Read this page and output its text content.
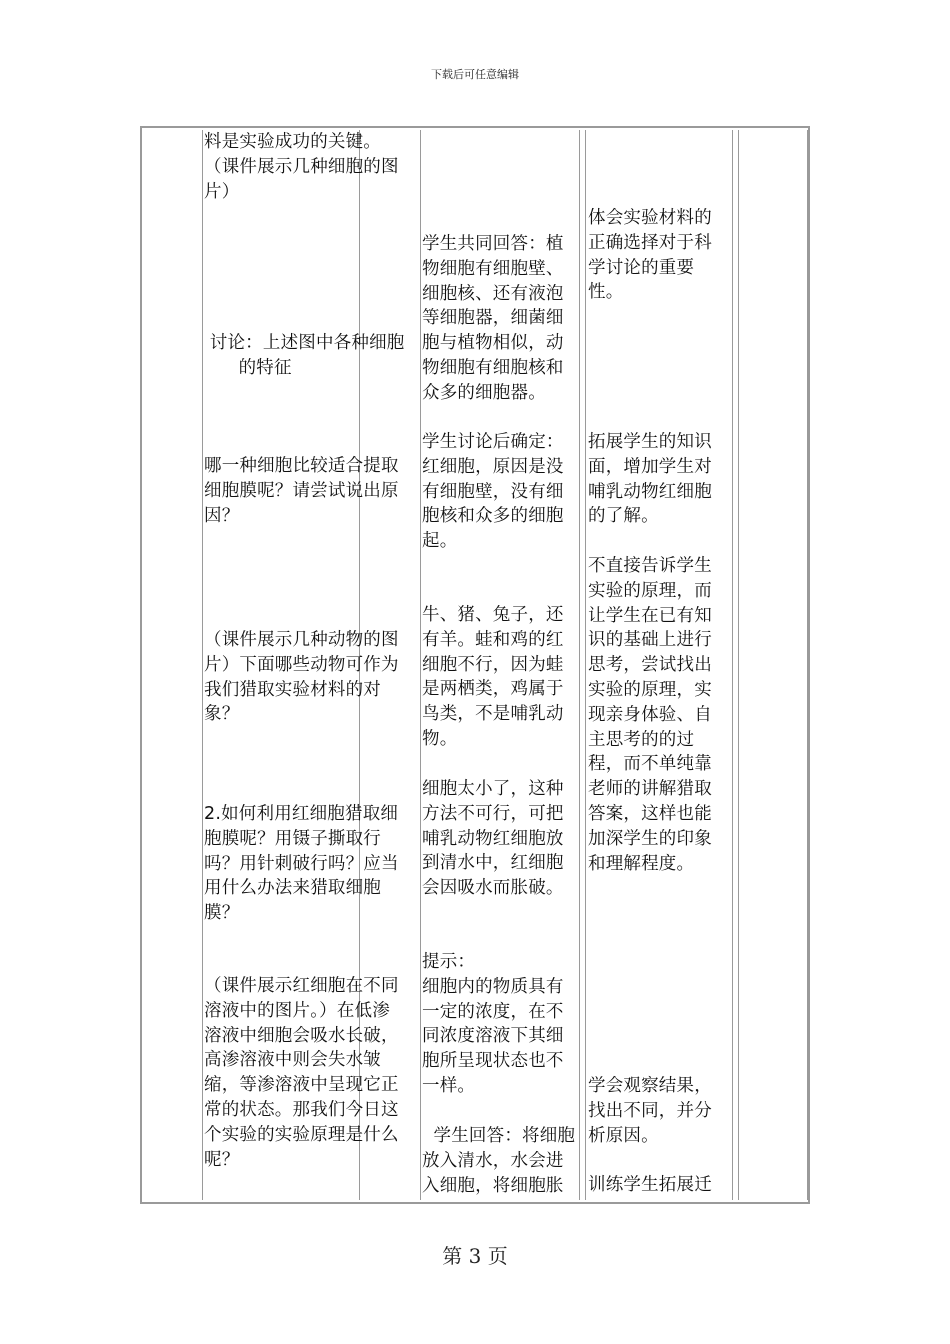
下载后可任意编辑
料是实验成功的关键。
（课件展示几种细胞的图
片）
讨论：上述图中各种细胞
的特征
哪一种细胞比较适合提取
细胞膜呢？请尝试说出原
因？
（课件展示几种动物的图
片）下面哪些动物可作为
我们猎取实验材料的对
象？
2.如何利用红细胞猎取细
胞膜呢？用镊子撕取行
吗？用针刺破行吗？应当
用什么办法来猎取细胞
膜？
（课件展示红细胞在不同
溶液中的图片。）在低渗
溶液中细胞会吸水长破，
高渗溶液中则会失水皱
缩，等渗溶液中呈现它正
常的状态。那我们今日这
个实验的实验原理是什么
呢？
学生共同回答：植
物细胞有细胞壁、
细胞核、还有液泡
等细胞器，细菌细
胞与植物相似，动
物细胞有细胞核和
众多的细胞器。
学生讨论后确定：
红细胞，原因是没
有细胞壁，没有细
胞核和众多的细胞
起。
牛、猪、兔子，还
有羊。蛙和鸡的红
细胞不行，因为蛙
是两栖类，鸡属于
鸟类，不是哺乳动
物。
细胞太小了，这种
方法不可行，可把
哺乳动物红细胞放
到清水中，红细胞
会因吸水而胀破。
提示：
细胞内的物质具有
一定的浓度，在不
同浓度溶液下其细
胞所呈现状态也不
一样。
学生回答：将细胞
放入清水，水会进
入细胞，将细胞胀
体会实验材料的
正确选择对于科
学讨论的重要
性。
拓展学生的知识
面，增加学生对
哺乳动物红细胞
的了解。
不直接告诉学生
实验的原理，而
让学生在已有知
识的基础上进行
思考，尝试找出
实验的原理，实
现亲身体验、自
主思考的的过
程，而不单纯靠
老师的讲解猎取
答案，这样也能
加深学生的印象
和理解程度。
学会观察结果，
找出不同，并分
析原因。
训练学生拓展迁
第 3 页
